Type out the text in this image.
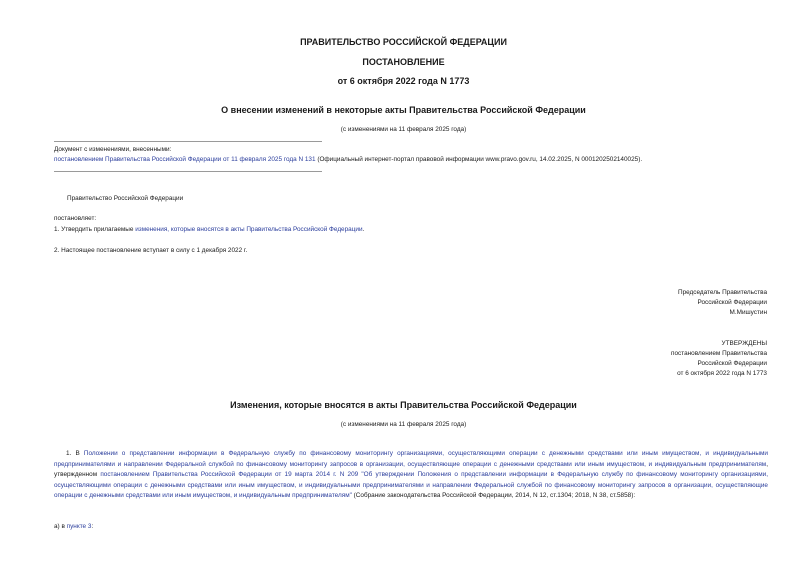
ПРАВИТЕЛЬСТВО РОССИЙСКОЙ ФЕДЕРАЦИИ
ПОСТАНОВЛЕНИЕ
от 6 октября 2022 года N 1773
О внесении изменений в некоторые акты Правительства Российской Федерации
(с изменениями на 11 февраля 2025 года)
Документ с изменениями, внесенными:
постановлением Правительства Российской Федерации от 11 февраля 2025 года N 131 (Официальный интернет-портал правовой информации www.pravo.gov.ru, 14.02.2025, N 0001202502140025).
Правительство Российской Федерации
постановляет:
1. Утвердить прилагаемые изменения, которые вносятся в акты Правительства Российской Федерации.
2. Настоящее постановление вступает в силу с 1 декабря 2022 г.
Председатель Правительства
Российской Федерации
М.Мишустин
УТВЕРЖДЕНЫ
постановлением Правительства
Российской Федерации
от 6 октября 2022 года N 1773
Изменения, которые вносятся в акты Правительства Российской Федерации
(с изменениями на 11 февраля 2025 года)
1. В Положении о представлении информации в Федеральную службу по финансовому мониторингу организациями, осуществляющими операции с денежными средствами или иным имуществом, и индивидуальными предпринимателями и направлении Федеральной службой по финансовому мониторингу запросов в организации, осуществляющие операции с денежными средствами или иным имуществом, и индивидуальным предпринимателям, утвержденном постановлением Правительства Российской Федерации от 19 марта 2014 г. N 209 "Об утверждении Положения о представлении информации в Федеральную службу по финансовому мониторингу организациями, осуществляющими операции с денежными средствами или иным имуществом, и индивидуальными предпринимателями и направлении Федеральной службой по финансовому мониторингу запросов в организации, осуществляющие операции с денежными средствами или иным имуществом, и индивидуальным предпринимателям" (Собрание законодательства Российской Федерации, 2014, N 12, ст.1304; 2018, N 38, ст.5858):
а) в пункте 3:
